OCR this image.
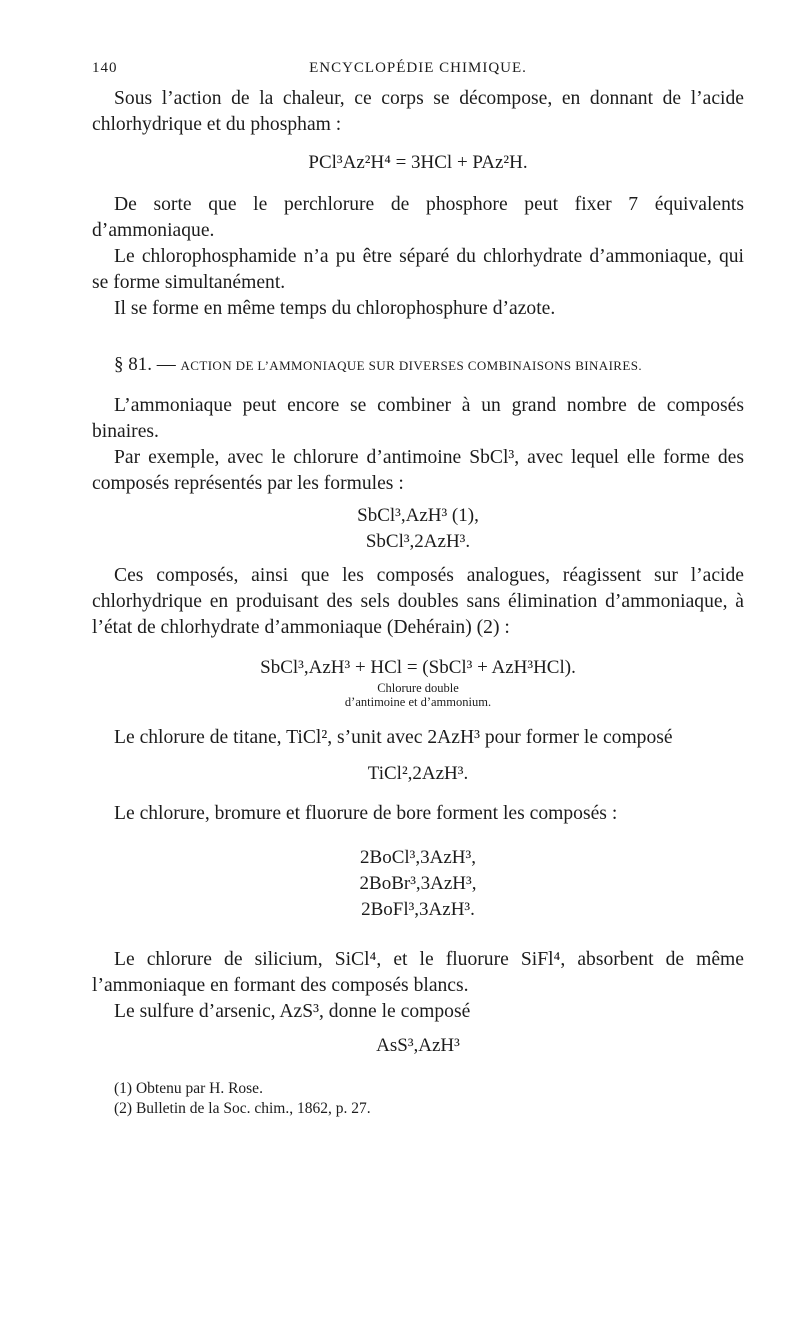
140	ENCYCLOPÉDIE CHIMIQUE.

Sous l’action de la chaleur, ce corps se décompose, en donnant de l’acide chlorhydrique et du phospham :

PCl³Az²H⁴ = 3HCl + PAz²H.

De sorte que le perchlorure de phosphore peut fixer 7 équivalents d’ammoniaque.

Le chlorophosphamide n’a pu être séparé du chlorhydrate d’ammoniaque, qui se forme simultanément.

Il se forme en même temps du chlorophosphure d’azote.

§ 81. — ACTION DE L’AMMONIAQUE SUR DIVERSES COMBINAISONS BINAIRES.

L’ammoniaque peut encore se combiner à un grand nombre de composés binaires.

Par exemple, avec le chlorure d’antimoine SbCl³, avec lequel elle forme des composés représentés par les formules :

SbCl³,AzH³ (1),

SbCl³,2AzH³.

Ces composés, ainsi que les composés analogues, réagissent sur l’acide chlorhydrique en produisant des sels doubles sans élimination d’ammoniaque, à l’état de chlorhydrate d’ammoniaque (Dehérain) (2) :

SbCl³,AzH³ + HCl = (SbCl³ + AzH³HCl).

Chlorure double
d’antimoine et d’ammonium.

Le chlorure de titane, TiCl², s’unit avec 2AzH³ pour former le composé

TiCl²,2AzH³.

Le chlorure, bromure et fluorure de bore forment les composés :

2BoCl³,3AzH³,

2BoBr³,3AzH³,

2BoFl³,3AzH³.

Le chlorure de silicium, SiCl⁴, et le fluorure SiFl⁴, absorbent de même l’ammoniaque en formant des composés blancs.

Le sulfure d’arsenic, AzS³, donne le composé

AsS³,AzH³

(1) Obtenu par H. Rose.
(2) Bulletin de la Soc. chim., 1862, p. 27.
